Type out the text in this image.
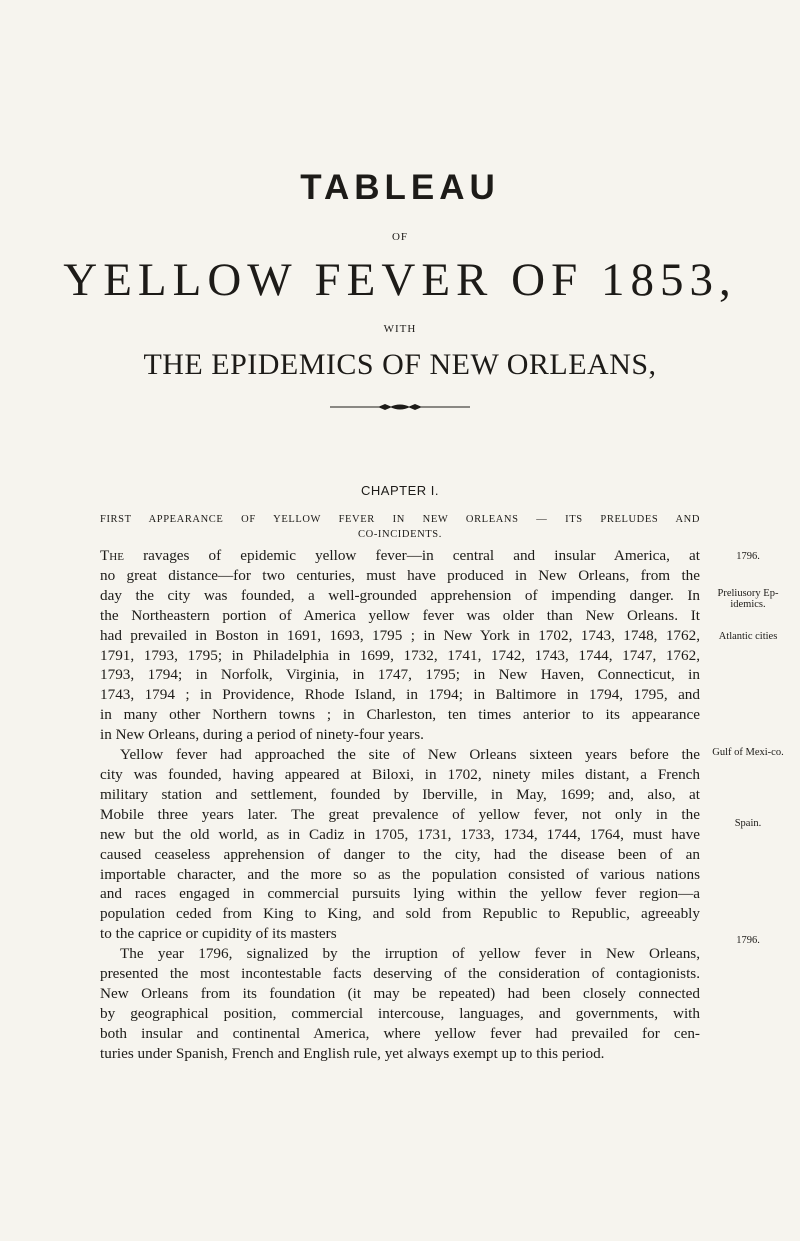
TABLEAU
OF
YELLOW FEVER OF 1853,
WITH
THE EPIDEMICS OF NEW ORLEANS,
CHAPTER I.
FIRST APPEARANCE OF YELLOW FEVER IN NEW ORLEANS — ITS PRELUDES AND
CO-INCIDENTS.
The ravages of epidemic yellow fever—in central and insular America, at
no great distance—for two centuries, must have produced in New Orleans, from the
day the city was founded, a well-grounded apprehension of impending danger. In
the Northeastern portion of America yellow fever was older than New Orleans. It
had prevailed in Boston in 1691, 1693, 1795 ; in New York in 1702, 1743, 1748, 1762,
1791, 1793, 1795; in Philadelphia in 1699, 1732, 1741, 1742, 1743, 1744, 1747, 1762,
1793, 1794; in Norfolk, Virginia, in 1747, 1795; in New Haven, Connecticut, in
1743, 1794 ; in Providence, Rhode Island, in 1794; in Baltimore in 1794, 1795, and
in many other Northern towns ; in Charleston, ten times anterior to its appearance
in New Orleans, during a period of ninety-four years.
Yellow fever had approached the site of New Orleans sixteen years before the
city was founded, having appeared at Biloxi, in 1702, ninety miles distant, a French
military station and settlement, founded by Iberville, in May, 1699; and, also, at
Mobile three years later. The great prevalence of yellow fever, not only in the
new but the old world, as in Cadiz in 1705, 1731, 1733, 1734, 1744, 1764, must have
caused ceaseless apprehension of danger to the city, had the disease been of an
importable character, and the more so as the population consisted of various nations
and races engaged in commercial pursuits lying within the yellow fever region—a
population ceded from King to King, and sold from Republic to Republic, agreeably
to the caprice or cupidity of its masters
The year 1796, signalized by the irruption of yellow fever in New Orleans,
presented the most incontestable facts deserving of the consideration of contagionists.
New Orleans from its foundation (it may be repeated) had been closely connected
by geographical position, commercial intercouse, languages, and governments, with
both insular and continental America, where yellow fever had prevailed for cen-
turies under Spanish, French and English rule, yet always exempt up to this period.
1796.
Preliusory Ep-idemics.
Atlantic cities
Gulf of Mexi-co.
Spain.
1796.
